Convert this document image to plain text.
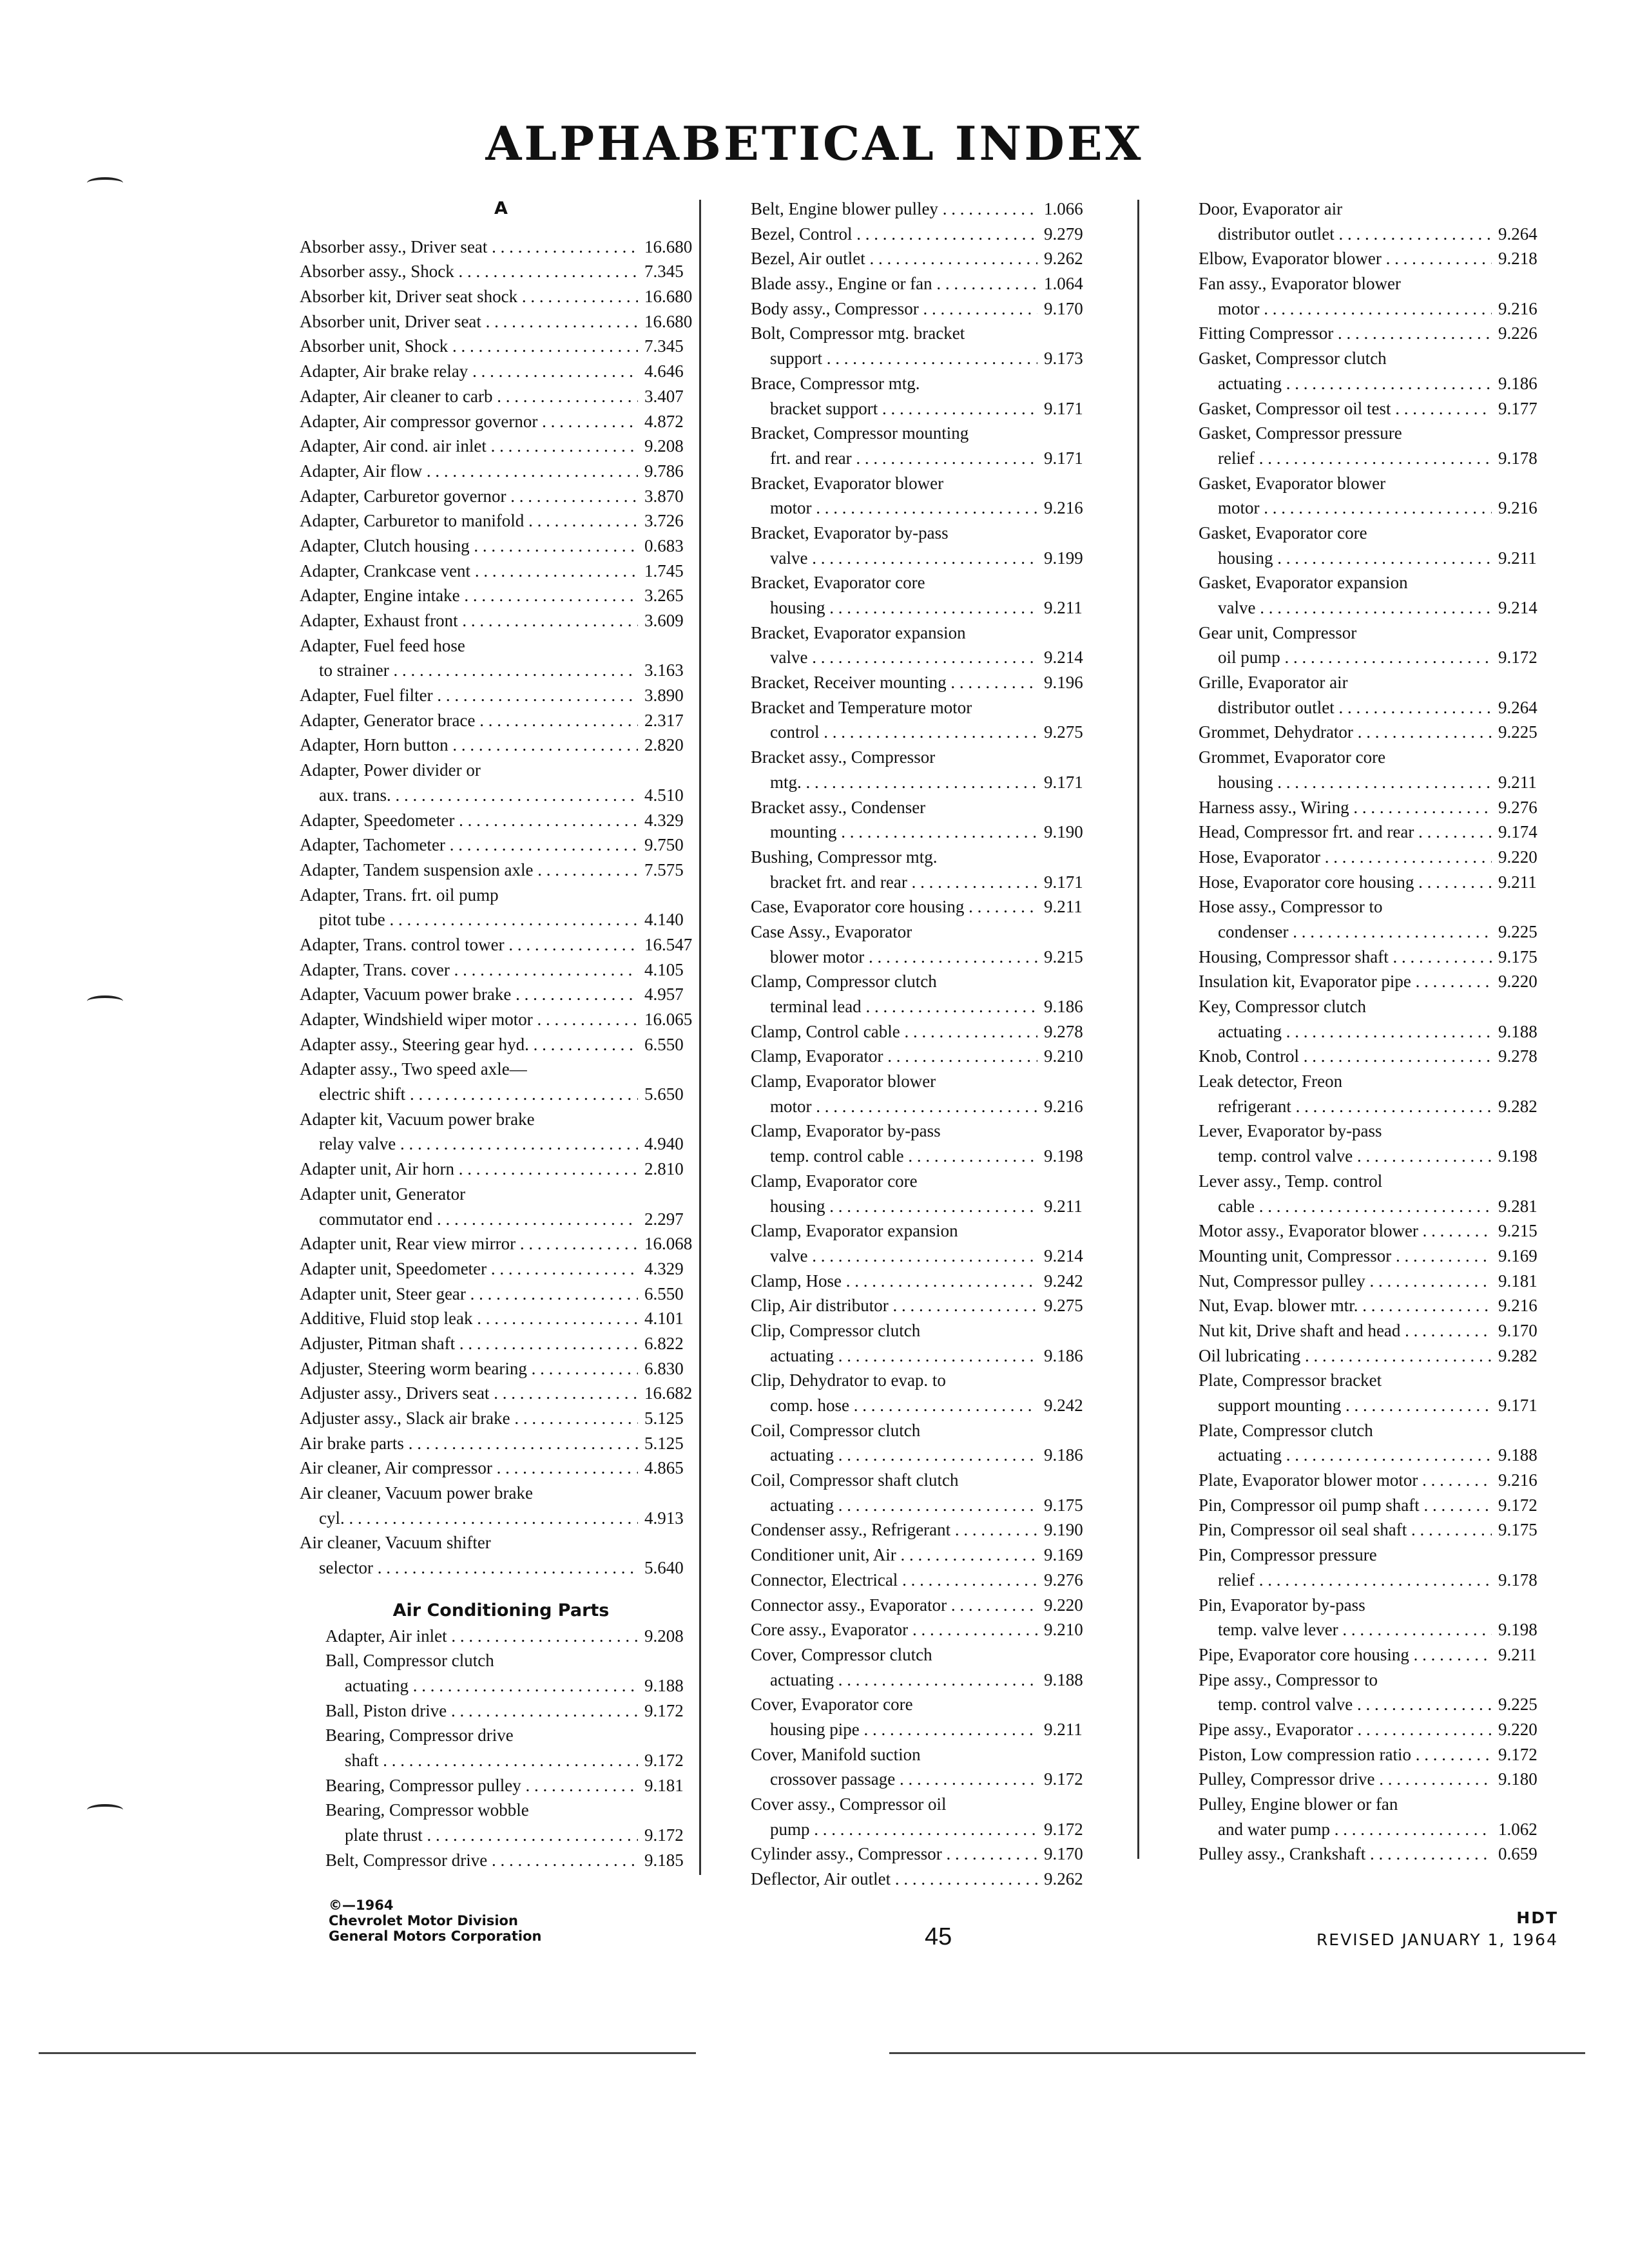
ALPHABETICAL INDEX
A
Absorber assy., Driver seat . . .	16.680
Absorber assy., Shock . . .	7.345
Absorber kit, Driver seat shock . . .	16.680
Absorber unit, Driver seat . . .	16.680
Absorber unit, Shock . . .	7.345
Adapter, Air brake relay . . .	4.646
Adapter, Air cleaner to carb . . .	3.407
Adapter, Air compressor governor . . .	4.872
Adapter, Air cond. air inlet . . .	9.208
Adapter, Air flow . . .	9.786
Adapter, Carburetor governor . . .	3.870
Adapter, Carburetor to manifold . . .	3.726
Adapter, Clutch housing . . .	0.683
Adapter, Crankcase vent . . .	1.745
Adapter, Engine intake . . .	3.265
Adapter, Exhaust front . . .	3.609
Adapter, Fuel feed hose
to strainer . . .	3.163
Adapter, Fuel filter . . .	3.890
Adapter, Generator brace . . .	2.317
Adapter, Horn button . . .	2.820
Adapter, Power divider or
aux. trans. . . .	4.510
Adapter, Speedometer . . .	4.329
Adapter, Tachometer . . .	9.750
Adapter, Tandem suspension axle . . .	7.575
Adapter, Trans. frt. oil pump
pitot tube . . .	4.140
Adapter, Trans. control tower . . .	16.547
Adapter, Trans. cover . . .	4.105
Adapter, Vacuum power brake . . .	4.957
Adapter, Windshield wiper motor . . .	16.065
Adapter assy., Steering gear hyd. . . .	6.550
Adapter assy., Two speed axle—
electric shift . . .	5.650
Adapter kit, Vacuum power brake
relay valve . . .	4.940
Adapter unit, Air horn . . .	2.810
Adapter unit, Generator
commutator end . . .	2.297
Adapter unit, Rear view mirror . . .	16.068
Adapter unit, Speedometer . . .	4.329
Adapter unit, Steer gear . . .	6.550
Additive, Fluid stop leak . . .	4.101
Adjuster, Pitman shaft . . .	6.822
Adjuster, Steering worm bearing . . .	6.830
Adjuster assy., Drivers seat . . .	16.682
Adjuster assy., Slack air brake . . .	5.125
Air brake parts . . .	5.125
Air cleaner, Air compressor . . .	4.865
Air cleaner, Vacuum power brake
cyl. . . .	4.913
Air cleaner, Vacuum shifter
selector . . .	5.640
Air Conditioning Parts
Adapter, Air inlet . . .	9.208
Ball, Compressor clutch
actuating . . .	9.188
Ball, Piston drive . . .	9.172
Bearing, Compressor drive
shaft . . .	9.172
Bearing, Compressor pulley . . .	9.181
Bearing, Compressor wobble
plate thrust . . .	9.172
Belt, Compressor drive . . .	9.185
Belt, Engine blower pulley . . .	1.066
Bezel, Control . . .	9.279
Bezel, Air outlet . . .	9.262
Blade assy., Engine or fan . . .	1.064
Body assy., Compressor . . .	9.170
Bolt, Compressor mtg. bracket
support . . .	9.173
Brace, Compressor mtg.
bracket support . . .	9.171
Bracket, Compressor mounting
frt. and rear . . .	9.171
Bracket, Evaporator blower
motor . . .	9.216
Bracket, Evaporator by-pass
valve . . .	9.199
Bracket, Evaporator core
housing . . .	9.211
Bracket, Evaporator expansion
valve . . .	9.214
Bracket, Receiver mounting . . .	9.196
Bracket and Temperature motor
control . . .	9.275
Bracket assy., Compressor
mtg. . . .	9.171
Bracket assy., Condenser
mounting . . .	9.190
Bushing, Compressor mtg.
bracket frt. and rear . . .	9.171
Case, Evaporator core housing . . .	9.211
Case Assy., Evaporator
blower motor . . .	9.215
Clamp, Compressor clutch
terminal lead . . .	9.186
Clamp, Control cable . . .	9.278
Clamp, Evaporator . . .	9.210
Clamp, Evaporator blower
motor . . .	9.216
Clamp, Evaporator by-pass
temp. control cable . . .	9.198
Clamp, Evaporator core
housing . . .	9.211
Clamp, Evaporator expansion
valve . . .	9.214
Clamp, Hose . . .	9.242
Clip, Air distributor . . .	9.275
Clip, Compressor clutch
actuating . . .	9.186
Clip, Dehydrator to evap. to
comp. hose . . .	9.242
Coil, Compressor clutch
actuating . . .	9.186
Coil, Compressor shaft clutch
actuating . . .	9.175
Condenser assy., Refrigerant . . .	9.190
Conditioner unit, Air . . .	9.169
Connector, Electrical . . .	9.276
Connector assy., Evaporator . . .	9.220
Core assy., Evaporator . . .	9.210
Cover, Compressor clutch
actuating . . .	9.188
Cover, Evaporator core
housing pipe . . .	9.211
Cover, Manifold suction
crossover passage . . .	9.172
Cover assy., Compressor oil
pump . . .	9.172
Cylinder assy., Compressor . . .	9.170
Deflector, Air outlet . . .	9.262
Door, Evaporator air
distributor outlet . . .	9.264
Elbow, Evaporator blower . . .	9.218
Fan assy., Evaporator blower
motor . . .	9.216
Fitting Compressor . . .	9.226
Gasket, Compressor clutch
actuating . . .	9.186
Gasket, Compressor oil test . . .	9.177
Gasket, Compressor pressure
relief . . .	9.178
Gasket, Evaporator blower
motor . . .	9.216
Gasket, Evaporator core
housing . . .	9.211
Gasket, Evaporator expansion
valve . . .	9.214
Gear unit, Compressor
oil pump . . .	9.172
Grille, Evaporator air
distributor outlet . . .	9.264
Grommet, Dehydrator . . .	9.225
Grommet, Evaporator core
housing . . .	9.211
Harness assy., Wiring . . .	9.276
Head, Compressor frt. and rear . . .	9.174
Hose, Evaporator . . .	9.220
Hose, Evaporator core housing . . .	9.211
Hose assy., Compressor to
condenser . . .	9.225
Housing, Compressor shaft . . .	9.175
Insulation kit, Evaporator pipe . . .	9.220
Key, Compressor clutch
actuating . . .	9.188
Knob, Control . . .	9.278
Leak detector, Freon
refrigerant . . .	9.282
Lever, Evaporator by-pass
temp. control valve . . .	9.198
Lever assy., Temp. control
cable . . .	9.281
Motor assy., Evaporator blower . . .	9.215
Mounting unit, Compressor . . .	9.169
Nut, Compressor pulley . . .	9.181
Nut, Evap. blower mtr. . . .	9.216
Nut kit, Drive shaft and head . . .	9.170
Oil lubricating . . .	9.282
Plate, Compressor bracket
support mounting . . .	9.171
Plate, Compressor clutch
actuating . . .	9.188
Plate, Evaporator blower motor . . .	9.216
Pin, Compressor oil pump shaft . . .	9.172
Pin, Compressor oil seal shaft . . .	9.175
Pin, Compressor pressure
relief . . .	9.178
Pin, Evaporator by-pass
temp. valve lever . . .	9.198
Pipe, Evaporator core housing . . .	9.211
Pipe assy., Compressor to
temp. control valve . . .	9.225
Pipe assy., Evaporator . . .	9.220
Piston, Low compression ratio . . .	9.172
Pulley, Compressor drive . . .	9.180
Pulley, Engine blower or fan
and water pump . . .	1.062
Pulley assy., Crankshaft . . .	0.659
©—1964
Chevrolet Motor Division
General Motors Corporation	45
HDT
REVISED JANUARY 1, 1964
